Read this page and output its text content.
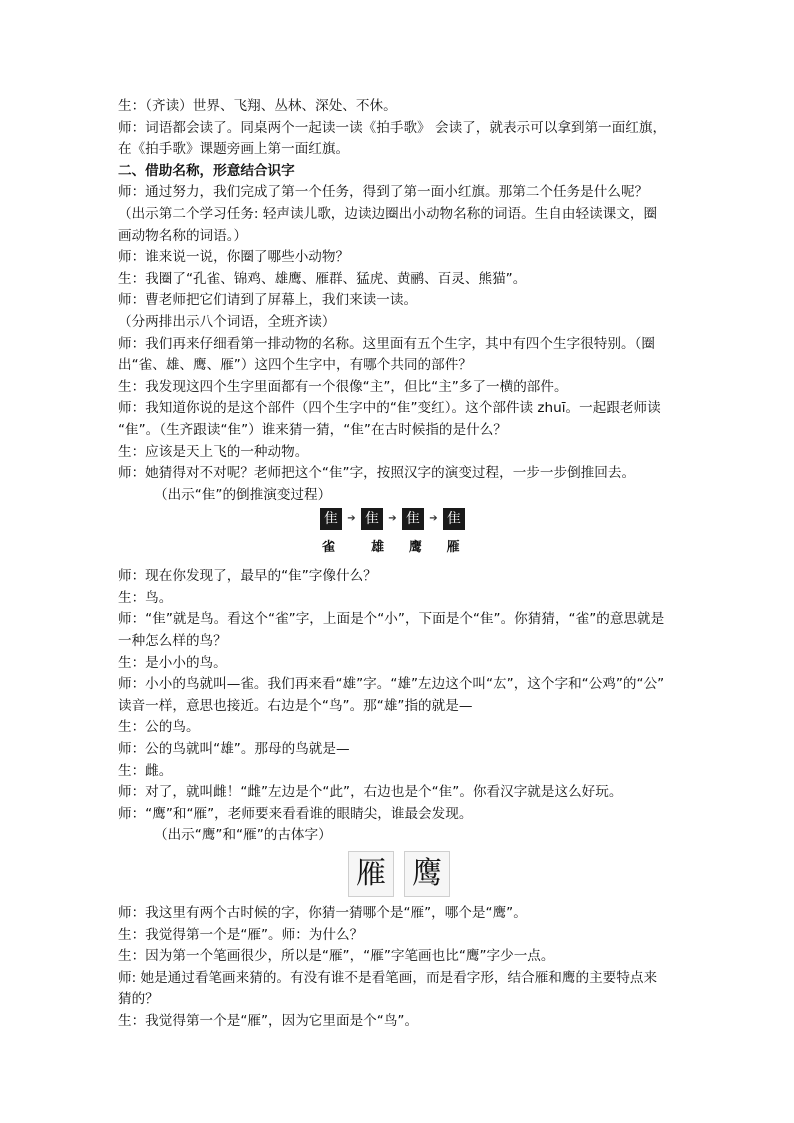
生：（齐读）世界、飞翔、丛林、深处、不休。
师：词语都会读了。同桌两个一起读一读《拍手歌》 会读了，就表示可以拿到第一面红旗，
在《拍手歌》课题旁画上第一面红旗。
二、借助名称，形意结合识字
师：通过努力，我们完成了第一个任务，得到了第一面小红旗。那第二个任务是什么呢？
（出示第二个学习任务: 轻声读儿歌，边读边圈出小动物名称的词语。生自由轻读课文，圈
画动物名称的词语。）
师：谁来说一说，你圈了哪些小动物？
生：我圈了“孔雀、锦鸡、雄鹰、雁群、猛虎、黄鹂、百灵、熊猫”。
师：曹老师把它们请到了屏幕上，我们来读一读。
（分两排出示八个词语，全班齐读）
师：我们再来仔细看第一排动物的名称。这里面有五个生字，其中有四个生字很特别。（圈
出“雀、雄、鹰、雁”）这四个生字中，有哪个共同的部件？
生：我发现这四个生字里面都有一个很像“主”，但比“主”多了一横的部件。
师：我知道你说的是这个部件（四个生字中的“隹”变红）。这个部件读 zhuī。一起跟老师读
“隹”。（生齐跟读“隹”）谁来猜一猜，“隹”在古时候指的是什么？
生：应该是天上飞的一种动物。
师：她猜得对不对呢？老师把这个“隹”字，按照汉字的演变过程，一步一步倒推回去。
（出示“隹”的倒推演变过程）
隹 ➔ 隹 ➔ 隹 ➔ 隹
雀	雄	鹰	雁
师：现在你发现了，最早的“隹”字像什么？
生：鸟。
师：“隹”就是鸟。看这个“雀”字，上面是个“小”，下面是个“隹”。你猜猜，“雀”的意思就是
一种怎么样的鸟？
生：是小小的鸟。
师：小小的鸟就叫—雀。我们再来看“雄”字。“雄”左边这个叫“厷”，这个字和“公鸡”的“公”
读音一样，意思也接近。右边是个“鸟”。那“雄”指的就是—
生：公的鸟。
师：公的鸟就叫“雄”。那母的鸟就是—
生：雌。
师：对了，就叫雌！“雌”左边是个“此”，右边也是个“隹”。你看汉字就是这么好玩。
师：“鹰”和“雁”，老师要来看看谁的眼睛尖，谁最会发现。
（出示“鹰”和“雁”的古体字）
雁 鹰
师：我这里有两个古时候的字，你猜一猜哪个是“雁”，哪个是“鹰”。
生：我觉得第一个是“雁”。师：为什么？
生：因为第一个笔画很少，所以是“雁”，“雁”字笔画也比“鹰”字少一点。
师: 她是通过看笔画来猜的。有没有谁不是看笔画，而是看字形，结合雁和鹰的主要特点来
猜的？
生：我觉得第一个是“雁”，因为它里面是个“鸟”。
